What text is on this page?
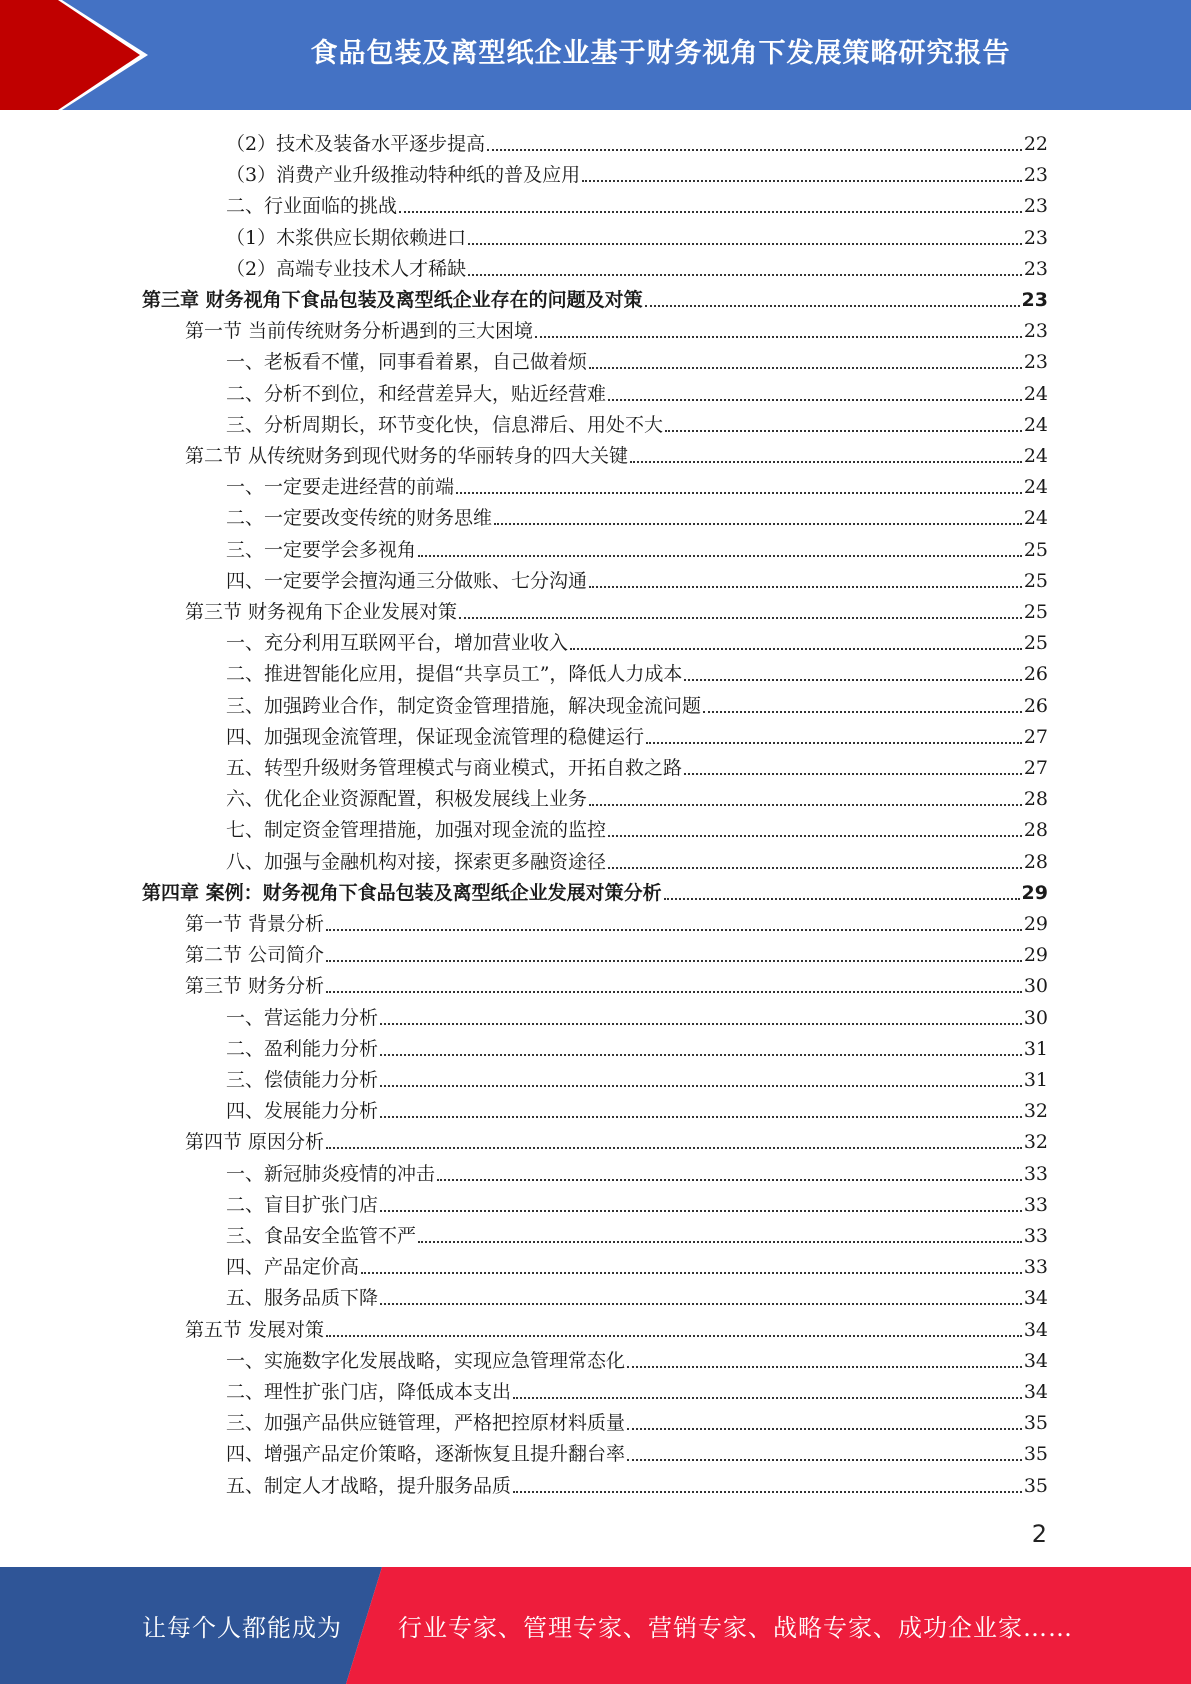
食品包装及离型纸企业基于财务视角下发展策略研究报告
（2）技术及装备水平逐步提高	22
（3）消费产业升级推动特种纸的普及应用	23
二、行业面临的挑战	23
（1）木浆供应长期依赖进口	23
（2）高端专业技术人才稀缺	23
第三章 财务视角下食品包装及离型纸企业存在的问题及对策	23
第一节 当前传统财务分析遇到的三大困境	23
一、老板看不懂，同事看着累，自己做着烦	23
二、分析不到位，和经营差异大，贴近经营难	24
三、分析周期长，环节变化快，信息滞后、用处不大	24
第二节 从传统财务到现代财务的华丽转身的四大关键	24
一、一定要走进经营的前端	24
二、一定要改变传统的财务思维	24
三、一定要学会多视角	25
四、一定要学会擅沟通三分做账、七分沟通	25
第三节 财务视角下企业发展对策	25
一、充分利用互联网平台，增加营业收入	25
二、推进智能化应用，提倡“共享员工”，降低人力成本	26
三、加强跨业合作，制定资金管理措施，解决现金流问题	26
四、加强现金流管理，保证现金流管理的稳健运行	27
五、转型升级财务管理模式与商业模式，开拓自救之路	27
六、优化企业资源配置，积极发展线上业务	28
七、制定资金管理措施，加强对现金流的监控	28
八、加强与金融机构对接，探索更多融资途径	28
第四章 案例：财务视角下食品包装及离型纸企业发展对策分析	29
第一节 背景分析	29
第二节 公司简介	29
第三节 财务分析	30
一、营运能力分析	30
二、盈利能力分析	31
三、偿债能力分析	31
四、发展能力分析	32
第四节 原因分析	32
一、新冠肺炎疫情的冲击	33
二、盲目扩张门店	33
三、食品安全监管不严	33
四、产品定价高	33
五、服务品质下降	34
第五节 发展对策	34
一、实施数字化发展战略，实现应急管理常态化	34
二、理性扩张门店，降低成本支出	34
三、加强产品供应链管理，严格把控原材料质量	35
四、增强产品定价策略，逐渐恢复且提升翻台率	35
五、制定人才战略，提升服务品质	35
2
让每个人都能成为 行业专家、管理专家、营销专家、战略专家、成功企业家……
